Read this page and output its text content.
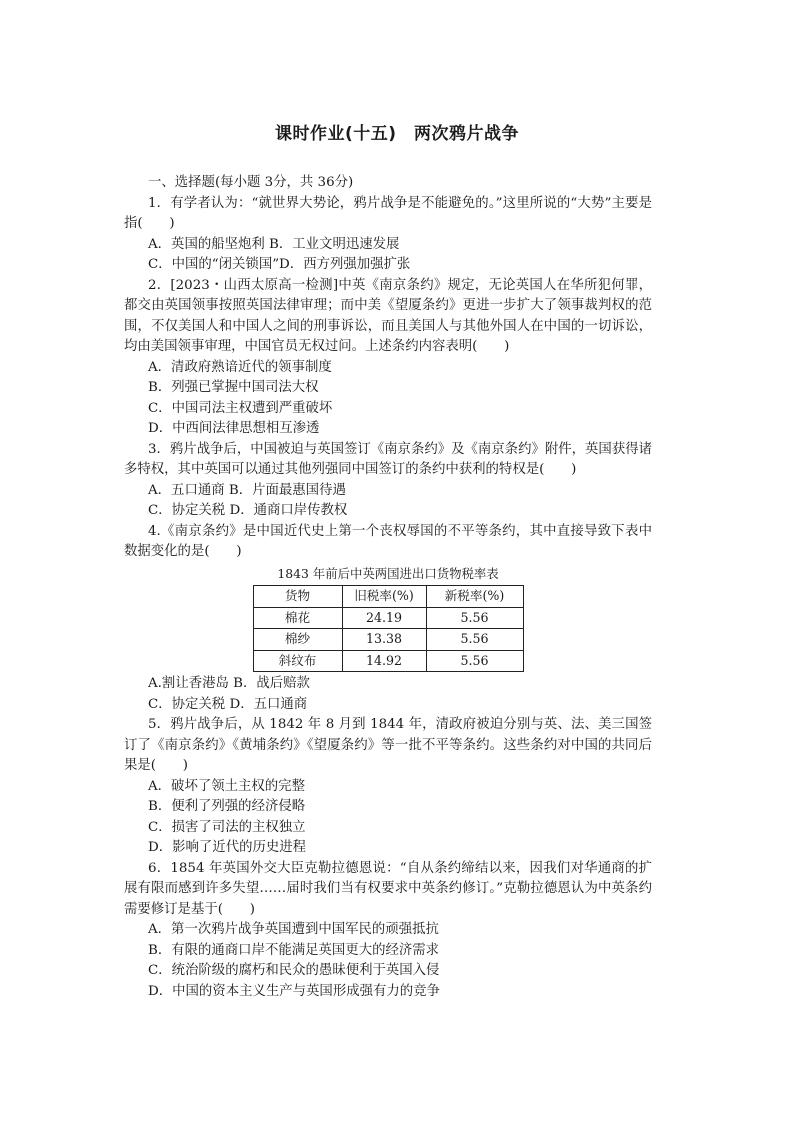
课时作业(十五)　两次鸦片战争

一、选择题(每小题 3分，共 36分)

1．有学者认为：“就世界大势论，鸦片战争是不能避免的。”这里所说的“大势”主要是指(　　)

A．英国的船坚炮利 B．工业文明迅速发展

C．中国的“闭关锁国”D．西方列强加强扩张

2．[2023・山西太原高一检测]中英《南京条约》规定，无论英国人在华所犯何罪，都交由英国领事按照英国法律审理；而中美《望厦条约》更进一步扩大了领事裁判权的范围，不仅美国人和中国人之间的刑事诉讼，而且美国人与其他外国人在中国的一切诉讼，均由美国领事审理，中国官员无权过问。上述条约内容表明(　　)

A．清政府熟谙近代的领事制度

B．列强已掌握中国司法大权

C．中国司法主权遭到严重破坏

D．中西间法律思想相互渗透

3．鸦片战争后，中国被迫与英国签订《南京条约》及《南京条约》附件，英国获得诸多特权，其中英国可以通过其他列强同中国签订的条约中获利的特权是(　　)

A．五口通商 B．片面最惠国待遇

C．协定关税 D．通商口岸传教权

4.《南京条约》是中国近代史上第一个丧权辱国的不平等条约，其中直接导致下表中数据变化的是(　　)

1843 年前后中英两国进出口货物税率表

货物	旧税率(%)	新税率(%)
棉花	24.19	5.56
棉纱	13.38	5.56
斜纹布	14.92	5.56

A.割让香港岛 B．战后赔款

C．协定关税 D．五口通商

5．鸦片战争后，从 1842 年 8 月到 1844 年，清政府被迫分别与英、法、美三国签订了《南京条约》《黄埔条约》《望厦条约》等一批不平等条约。这些条约对中国的共同后果是(　　)

A．破坏了领土主权的完整

B．便利了列强的经济侵略

C．损害了司法的主权独立

D．影响了近代的历史进程

6．1854 年英国外交大臣克勒拉德恩说：“自从条约缔结以来，因我们对华通商的扩展有限而感到许多失望……届时我们当有权要求中英条约修订。”克勒拉德恩认为中英条约需要修订是基于(　　)

A．第一次鸦片战争英国遭到中国军民的顽强抵抗

B．有限的通商口岸不能满足英国更大的经济需求

C．统治阶级的腐朽和民众的愚昧便利于英国入侵

D．中国的资本主义生产与英国形成强有力的竞争
